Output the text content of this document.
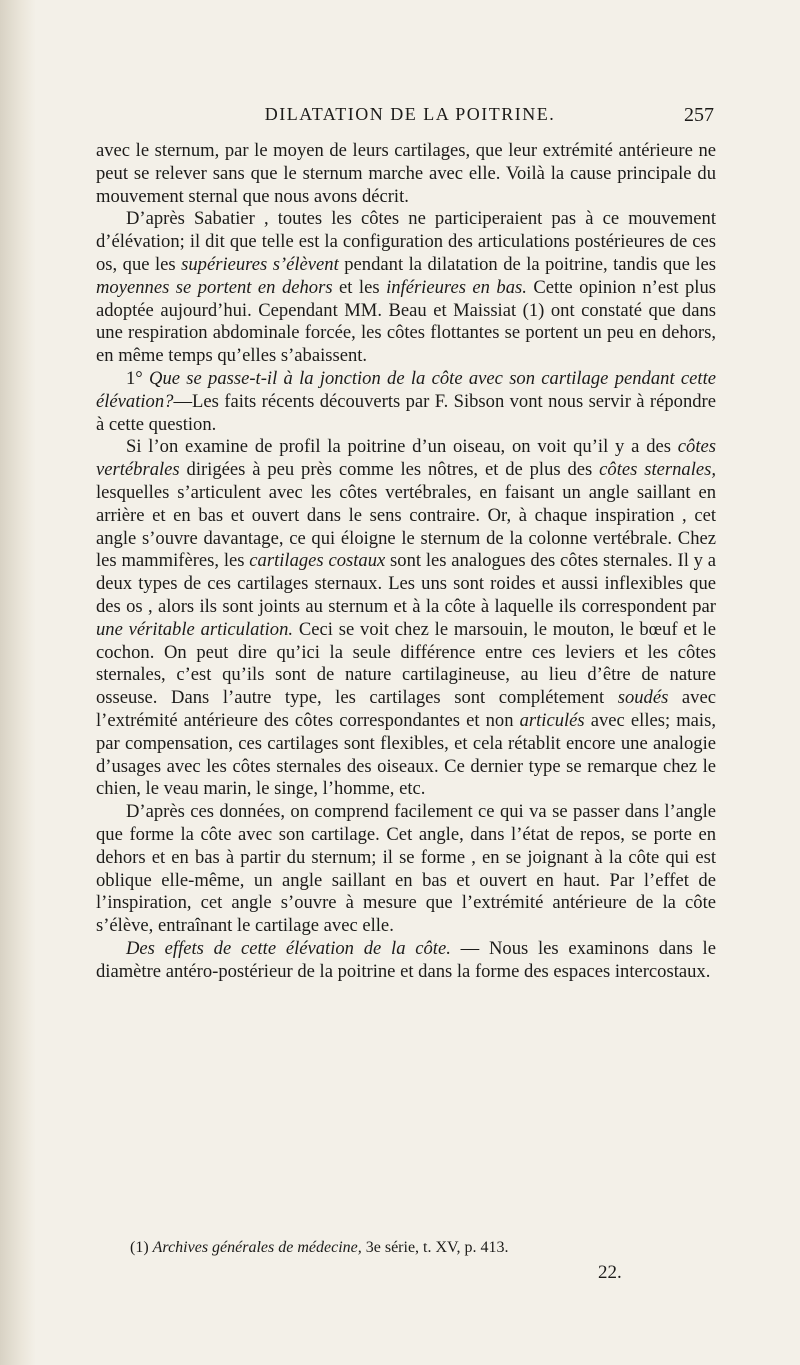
DILATATION DE LA POITRINE.	257

avec le sternum, par le moyen de leurs cartilages, que leur extrémité antérieure ne peut se relever sans que le sternum marche avec elle. Voilà la cause principale du mouvement sternal que nous avons décrit.

D’après Sabatier , toutes les côtes ne participeraient pas à ce mouvement d’élévation; il dit que telle est la configuration des articulations postérieures de ces os, que les supérieures s’élèvent pendant la dilatation de la poitrine, tandis que les moyennes se portent en dehors et les inférieures en bas. Cette opinion n’est plus adoptée aujourd’hui. Cependant MM. Beau et Maissiat (1) ont constaté que dans une respiration abdominale forcée, les côtes flottantes se portent un peu en dehors, en même temps qu’elles s’abaissent.

1° Que se passe-t-il à la jonction de la côte avec son cartilage pendant cette élévation?—Les faits récents découverts par F. Sibson vont nous servir à répondre à cette question.

Si l’on examine de profil la poitrine d’un oiseau, on voit qu’il y a des côtes vertébrales dirigées à peu près comme les nôtres, et de plus des côtes sternales, lesquelles s’articulent avec les côtes vertébrales, en faisant un angle saillant en arrière et en bas et ouvert dans le sens contraire. Or, à chaque inspiration , cet angle s’ouvre davantage, ce qui éloigne le sternum de la colonne vertébrale. Chez les mammifères, les cartilages costaux sont les analogues des côtes sternales. Il y a deux types de ces cartilages sternaux. Les uns sont roides et aussi inflexibles que des os , alors ils sont joints au sternum et à la côte à laquelle ils correspondent par une véritable articulation. Ceci se voit chez le marsouin, le mouton, le bœuf et le cochon. On peut dire qu’ici la seule différence entre ces leviers et les côtes sternales, c’est qu’ils sont de nature cartilagineuse, au lieu d’être de nature osseuse. Dans l’autre type, les cartilages sont complétement soudés avec l’extrémité antérieure des côtes correspondantes et non articulés avec elles; mais, par compensation, ces cartilages sont flexibles, et cela rétablit encore une analogie d’usages avec les côtes sternales des oiseaux. Ce dernier type se remarque chez le chien, le veau marin, le singe, l’homme, etc.

D’après ces données, on comprend facilement ce qui va se passer dans l’angle que forme la côte avec son cartilage. Cet angle, dans l’état de repos, se porte en dehors et en bas à partir du sternum; il se forme , en se joignant à la côte qui est oblique elle-même, un angle saillant en bas et ouvert en haut. Par l’effet de l’inspiration, cet angle s’ouvre à mesure que l’extrémité antérieure de la côte s’élève, entraînant le cartilage avec elle.

Des effets de cette élévation de la côte. — Nous les examinons dans le diamètre antéro-postérieur de la poitrine et dans la forme des espaces intercostaux.

(1) Archives générales de médecine, 3e série, t. XV, p. 413.
22.
